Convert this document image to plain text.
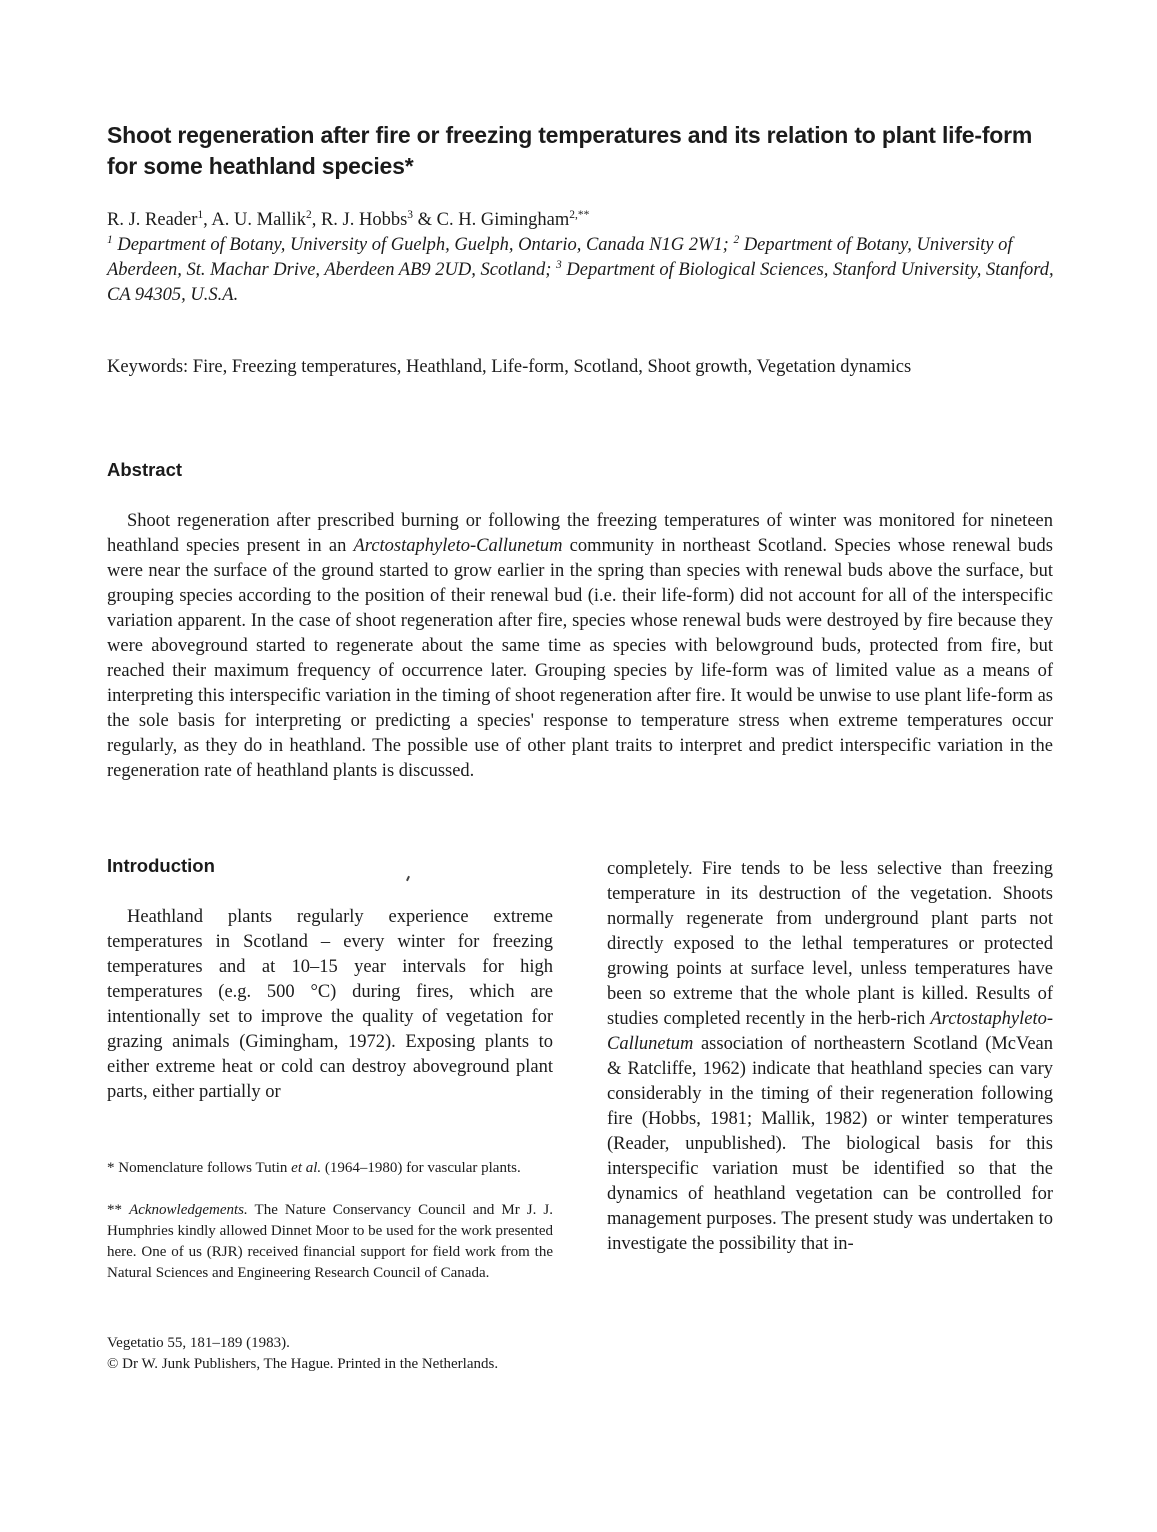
Shoot regeneration after fire or freezing temperatures and its relation to plant life-form for some heathland species*
R. J. Reader$^1$, A. U. Mallik$^2$, R. J. Hobbs$^3$ & C. H. Gimingham$^{2,**}$
$^1$ Department of Botany, University of Guelph, Guelph, Ontario, Canada N1G 2W1; $^2$ Department of Botany, University of Aberdeen, St. Machar Drive, Aberdeen AB9 2UD, Scotland; $^3$ Department of Biological Sciences, Stanford University, Stanford, CA 94305, U.S.A.
Keywords: Fire, Freezing temperatures, Heathland, Life-form, Scotland, Shoot growth, Vegetation dynamics
Abstract
Shoot regeneration after prescribed burning or following the freezing temperatures of winter was monitored for nineteen heathland species present in an Arctostaphyleto-Callunetum community in northeast Scotland. Species whose renewal buds were near the surface of the ground started to grow earlier in the spring than species with renewal buds above the surface, but grouping species according to the position of their renewal bud (i.e. their life-form) did not account for all of the interspecific variation apparent. In the case of shoot regeneration after fire, species whose renewal buds were destroyed by fire because they were aboveground started to regenerate about the same time as species with belowground buds, protected from fire, but reached their maximum frequency of occurrence later. Grouping species by life-form was of limited value as a means of interpreting this interspecific variation in the timing of shoot regeneration after fire. It would be unwise to use plant life-form as the sole basis for interpreting or predicting a species' response to temperature stress when extreme temperatures occur regularly, as they do in heathland. The possible use of other plant traits to interpret and predict interspecific variation in the regeneration rate of heathland plants is discussed.
Introduction
Heathland plants regularly experience extreme temperatures in Scotland – every winter for freezing temperatures and at 10–15 year intervals for high temperatures (e.g. 500 °C) during fires, which are intentionally set to improve the quality of vegetation for grazing animals (Gimingham, 1972). Exposing plants to either extreme heat or cold can destroy aboveground plant parts, either partially or
completely. Fire tends to be less selective than freezing temperature in its destruction of the vegetation. Shoots normally regenerate from underground plant parts not directly exposed to the lethal temperatures or protected growing points at surface level, unless temperatures have been so extreme that the whole plant is killed. Results of studies completed recently in the herb-rich Arctostaphyleto-Callunetum association of northeastern Scotland (McVean & Ratcliffe, 1962) indicate that heathland species can vary considerably in the timing of their regeneration following fire (Hobbs, 1981; Mallik, 1982) or winter temperatures (Reader, unpublished). The biological basis for this interspecific variation must be identified so that the dynamics of heathland vegetation can be controlled for management purposes. The present study was undertaken to investigate the possibility that in-
* Nomenclature follows Tutin et al. (1964–1980) for vascular plants.
** Acknowledgements. The Nature Conservancy Council and Mr J. J. Humphries kindly allowed Dinnet Moor to be used for the work presented here. One of us (RJR) received financial support for field work from the Natural Sciences and Engineering Research Council of Canada.
Vegetatio 55, 181–189 (1983).
© Dr W. Junk Publishers, The Hague. Printed in the Netherlands.
